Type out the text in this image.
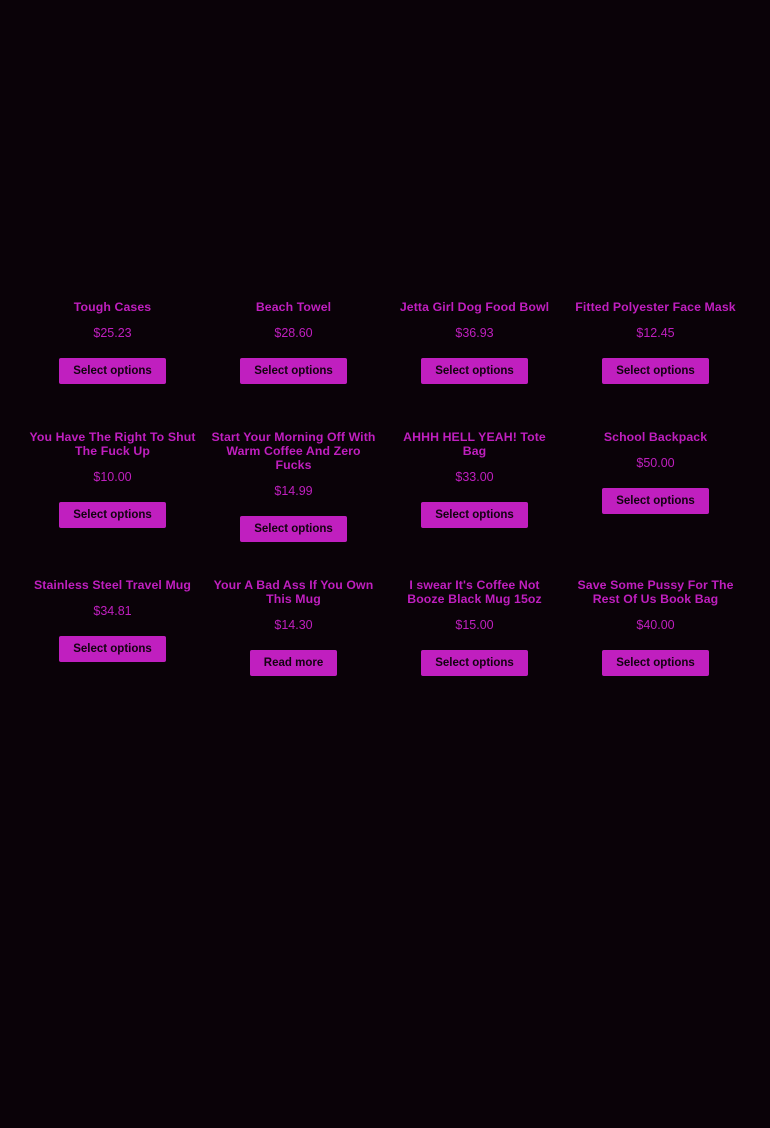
Tough Cases
$25.23
Select options
Beach Towel
$28.60
Select options
Jetta Girl Dog Food Bowl
$36.93
Select options
Fitted Polyester Face Mask
$12.45
Select options
You Have The Right To Shut The Fuck Up
$10.00
Select options
Start Your Morning Off With Warm Coffee And Zero Fucks
$14.99
Select options
AHHH HELL YEAH! Tote Bag
$33.00
Select options
School Backpack
$50.00
Select options
Stainless Steel Travel Mug
$34.81
Select options
Your A Bad Ass If You Own This Mug
$14.30
Read more
I swear It's Coffee Not Booze Black Mug 15oz
$15.00
Select options
Save Some Pussy For The Rest Of Us Book Bag
$40.00
Select options
